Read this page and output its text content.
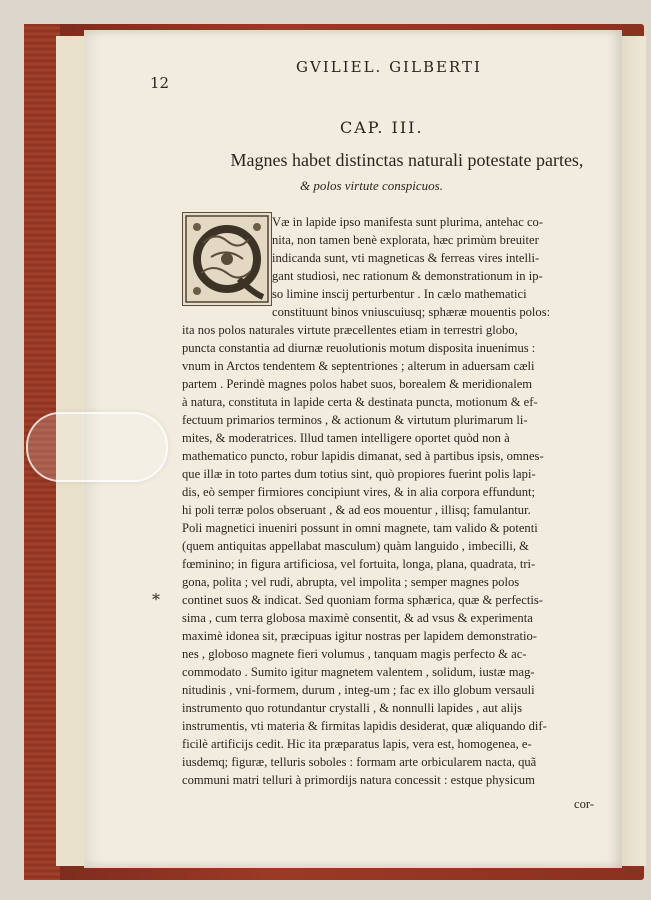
12
GVILIEL. GILBERTI
CAP. III.
Magnes habet distinctas naturali potestate partes,
& polos virtute conspicuos.
*
Væ in lapide ipso manifesta sunt plurima, antehac co-
nita, non tamen benè explorata, hæc primùm breuiter
indicanda sunt, vti magneticas & ferreas vires intelli-
gant studiosi, nec rationum & demonstrationum in ip-
so limine inscij perturbentur . In cælo mathematici
constituunt binos vniuscuiusq; sphæræ mouentis polos:
ita nos polos naturales virtute præcellentes etiam in terrestri globo,
puncta constantia ad diurnæ reuolutionis motum disposita inuenimus :
vnum in Arctos tendentem & septentriones ; alterum in aduersam cæli
partem . Perindè magnes polos habet suos, borealem & meridionalem
à natura, constituta in lapide certa & destinata puncta, motionum & ef-
fectuum primarios terminos , & actionum & virtutum plurimarum li-
mites, & moderatrices. Illud tamen intelligere oportet quòd non à
mathematico puncto, robur lapidis dimanat, sed à partibus ipsis, omnes-
que illæ in toto partes dum totius sint, quò propiores fuerint polis lapi-
dis, eò semper firmiores concipiunt vires, & in alia corpora effundunt;
hi poli terræ polos obseruant , & ad eos mouentur , illisq; famulantur.
Poli magnetici inueniri possunt in omni magnete, tam valido & potenti
(quem antiquitas appellabat masculum) quàm languido , imbecilli, &
fœminino; in figura artificiosa, vel fortuita, longa, plana, quadrata, tri-
gona, polita ; vel rudi, abrupta, vel impolita ; semper magnes polos
continet suos & indicat. Sed quoniam forma sphærica, quæ & perfectis-
sima , cum terra globosa maximè consentit, & ad vsus & experimenta
maximè idonea sit, præcipuas igitur nostras per lapidem demonstratio-
nes , globoso magnete fieri volumus , tanquam magis perfecto & ac-
commodato . Sumito igitur magnetem valentem , solidum, iustæ mag-
nitudinis , vni-formem, durum , integ-um ; fac ex illo globum versauli
instrumento quo rotundantur crystalli , & nonnulli lapides , aut alijs
instrumentis, vti materia & firmitas lapidis desiderat, quæ aliquando dif-
ficilè artificijs cedit. Hic ita præparatus lapis, vera est, homogenea, e-
iusdemq; figuræ, telluris soboles : formam arte orbicularem nacta, quã
communi matri telluri à primordijs natura concessit : estque physicum
cor-
